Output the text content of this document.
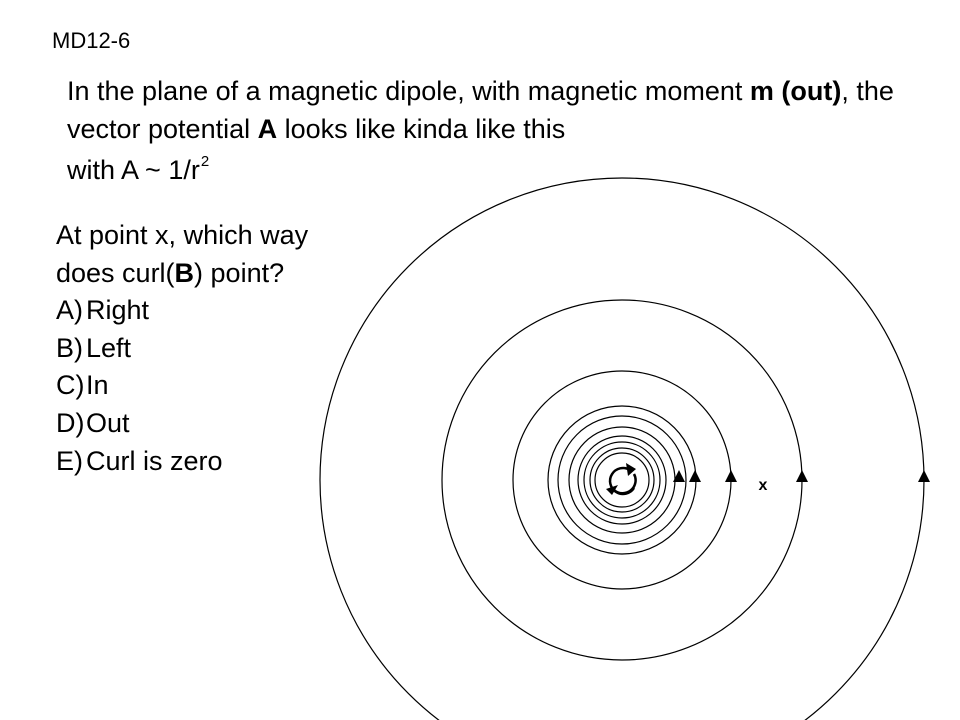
MD12-6
In the plane of a magnetic dipole, with magnetic moment m (out), the vector potential A looks like kinda like this
with A ~ $1/r^2$
At point x, which way does curl(B) point?
A) Right
B) Left
C) In
D) Out
E) Curl is zero
x
